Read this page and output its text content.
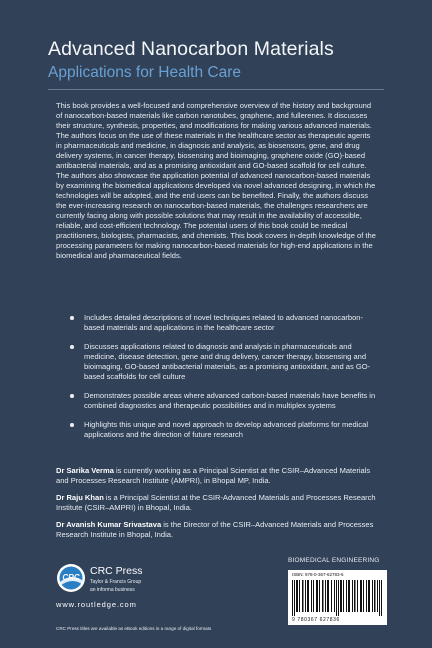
Advanced Nanocarbon Materials
Applications for Health Care

This book provides a well-focused and comprehensive overview of the history and background of nanocarbon-based materials like carbon nanotubes, graphene, and fullerenes. It discusses their structure, synthesis, properties, and modifications for making various advanced materials. The authors focus on the use of these materials in the healthcare sector as therapeutic agents in pharmaceuticals and medicine, in diagnosis and analysis, as biosensors, gene, and drug delivery systems, in cancer therapy, biosensing and bioimaging, graphene oxide (GO)-based antibacterial materials, and as a promising antioxidant and GO-based scaffold for cell culture. The authors also showcase the application potential of advanced nanocarbon-based materials by examining the biomedical applications developed via novel advanced designing, in which the technologies will be adopted, and the end users can be benefited. Finally, the authors discuss the ever-increasing research on nanocarbon-based materials, the challenges researchers are currently facing along with possible solutions that may result in the availability of accessible, reliable, and cost-efficient technology. The potential users of this book could be medical practitioners, biologists, pharmacists, and chemists. This book covers in-depth knowledge of the processing parameters for making nanocarbon-based materials for high-end applications in the biomedical and pharmaceutical fields.

Includes detailed descriptions of novel techniques related to advanced nanocarbon-based materials and applications in the healthcare sector
Discusses applications related to diagnosis and analysis in pharmaceuticals and medicine, disease detection, gene and drug delivery, cancer therapy, biosensing and bioimaging, GO-based antibacterial materials, as a promising antioxidant, and as GO-based scaffolds for cell culture
Demonstrates possible areas where advanced carbon-based materials have benefits in combined diagnostics and therapeutic possibilities and in multiplex systems
Highlights this unique and novel approach to develop advanced platforms for medical applications and the direction of future research

Dr Sarika Verma is currently working as a Principal Scientist at the CSIR–Advanced Materials and Processes Research Institute (AMPRI), in Bhopal MP, India.

Dr Raju Khan is a Principal Scientist at the CSIR-Advanced Materials and Processes Research Institute (CSIR–AMPRI) in Bhopal, India.

Dr Avanish Kumar Srivastava is the Director of the CSIR–Advanced Materials and Processes Research Institute in Bhopal, India.

BIOMEDICAL ENGINEERING
ISBN: 978-0-367-62783-6
9 780367 627836
CRC
CRC Press
Taylor & Francis Group
an informa business
www.routledge.com
CRC Press titles are available as eBook editions in a range of digital formats
